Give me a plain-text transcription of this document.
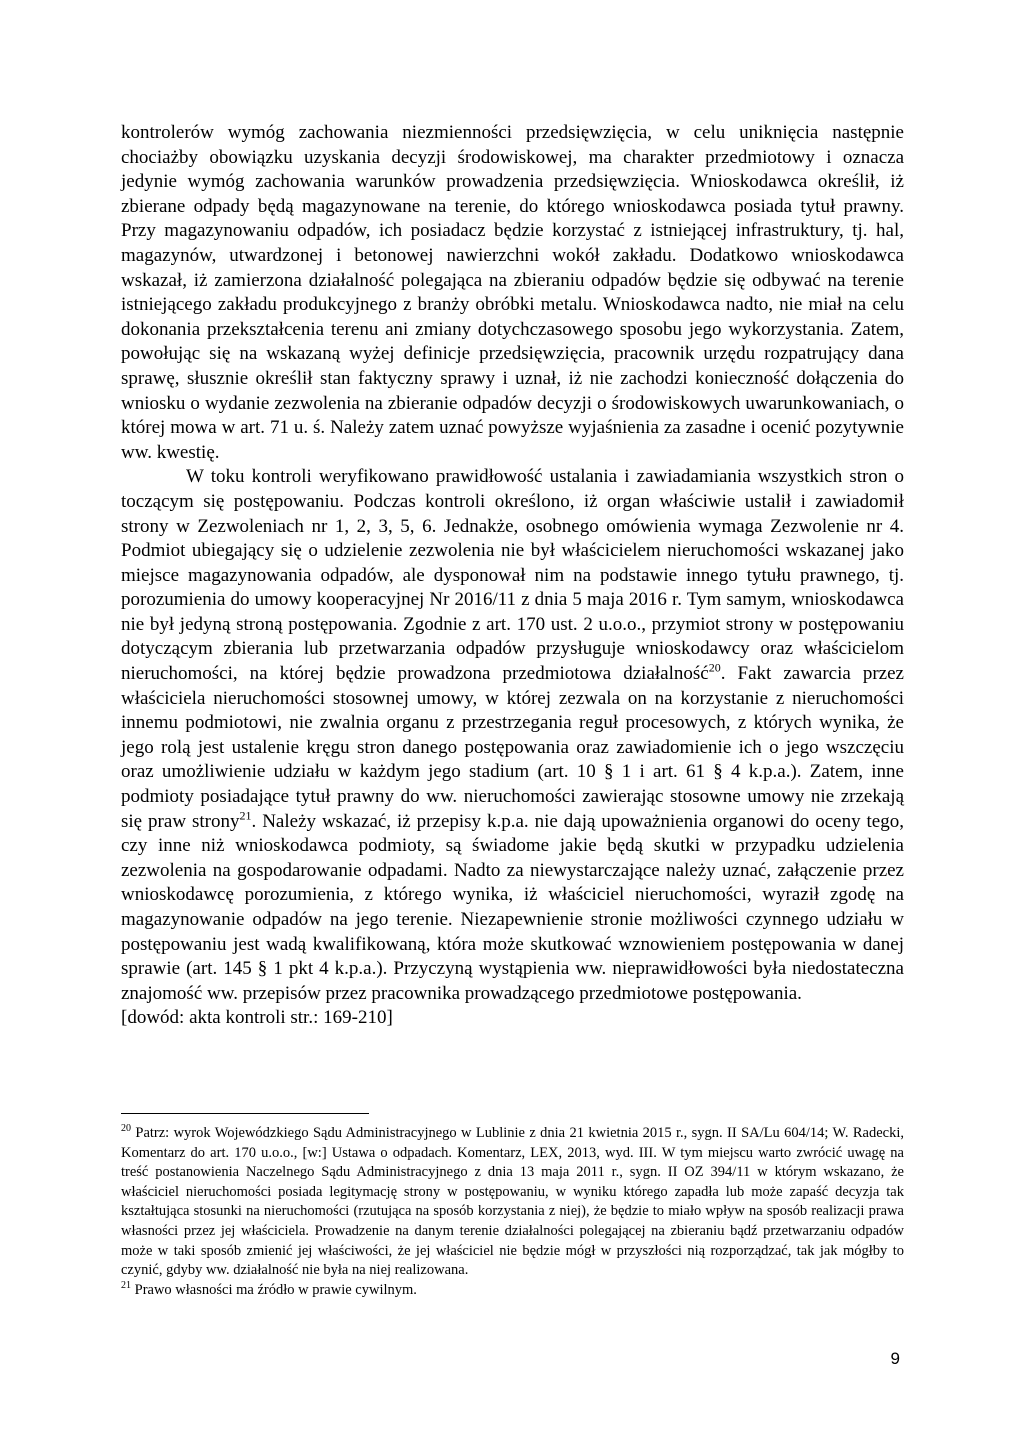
kontrolerów wymóg zachowania niezmienności przedsięwzięcia, w celu uniknięcia następnie chociażby obowiązku uzyskania decyzji środowiskowej, ma charakter przedmiotowy i oznacza jedynie wymóg zachowania warunków prowadzenia przedsięwzięcia. Wnioskodawca określił, iż zbierane odpady będą magazynowane na terenie, do którego wnioskodawca posiada tytuł prawny. Przy magazynowaniu odpadów, ich posiadacz będzie korzystać z istniejącej infrastruktury, tj. hal, magazynów, utwardzonej i betonowej nawierzchni wokół zakładu. Dodatkowo wnioskodawca wskazał, iż zamierzona działalność polegająca na zbieraniu odpadów będzie się odbywać na terenie istniejącego zakładu produkcyjnego z branży obróbki metalu. Wnioskodawca nadto, nie miał na celu dokonania przekształcenia terenu ani zmiany dotychczasowego sposobu jego wykorzystania. Zatem, powołując się na wskazaną wyżej definicje przedsięwzięcia, pracownik urzędu rozpatrujący dana sprawę, słusznie określił stan faktyczny sprawy i uznał, iż nie zachodzi konieczność dołączenia do wniosku o wydanie zezwolenia na zbieranie odpadów decyzji o środowiskowych uwarunkowaniach, o której mowa w art. 71 u. ś. Należy zatem uznać powyższe wyjaśnienia za zasadne i ocenić pozytywnie ww. kwestię.

W toku kontroli weryfikowano prawidłowość ustalania i zawiadamiania wszystkich stron o toczącym się postępowaniu. Podczas kontroli określono, iż organ właściwie ustalił i zawiadomił strony w Zezwoleniach nr 1, 2, 3, 5, 6. Jednakże, osobnego omówienia wymaga Zezwolenie nr 4. Podmiot ubiegający się o udzielenie zezwolenia nie był właścicielem nieruchomości wskazanej jako miejsce magazynowania odpadów, ale dysponował nim na podstawie innego tytułu prawnego, tj. porozumienia do umowy kooperacyjnej Nr 2016/11 z dnia 5 maja 2016 r. Tym samym, wnioskodawca nie był jedyną stroną postępowania. Zgodnie z art. 170 ust. 2 u.o.o., przymiot strony w postępowaniu dotyczącym zbierania lub przetwarzania odpadów przysługuje wnioskodawcy oraz właścicielom nieruchomości, na której będzie prowadzona przedmiotowa działalność$^{20}$. Fakt zawarcia przez właściciela nieruchomości stosownej umowy, w której zezwala on na korzystanie z nieruchomości innemu podmiotowi, nie zwalnia organu z przestrzegania reguł procesowych, z których wynika, że jego rolą jest ustalenie kręgu stron danego postępowania oraz zawiadomienie ich o jego wszczęciu oraz umożliwienie udziału w każdym jego stadium (art. 10 § 1 i art. 61 § 4 k.p.a.). Zatem, inne podmioty posiadające tytuł prawny do ww. nieruchomości zawierając stosowne umowy nie zrzekają się praw strony$^{21}$. Należy wskazać, iż przepisy k.p.a. nie dają upoważnienia organowi do oceny tego, czy inne niż wnioskodawca podmioty, są świadome jakie będą skutki w przypadku udzielenia zezwolenia na gospodarowanie odpadami. Nadto za niewystarczające należy uznać, załączenie przez wnioskodawcę porozumienia, z którego wynika, iż właściciel nieruchomości, wyraził zgodę na magazynowanie odpadów na jego terenie. Niezapewnienie stronie możliwości czynnego udziału w postępowaniu jest wadą kwalifikowaną, która może skutkować wznowieniem postępowania w danej sprawie (art. 145 § 1 pkt 4 k.p.a.). Przyczyną wystąpienia ww. nieprawidłowości była niedostateczna znajomość ww. przepisów przez pracownika prowadzącego przedmiotowe postępowania.

[dowód: akta kontroli str.: 169-210]

$^{20}$ Patrz: wyrok Wojewódzkiego Sądu Administracyjnego w Lublinie z dnia 21 kwietnia 2015 r., sygn. II SA/Lu 604/14; W. Radecki, Komentarz do art. 170 u.o.o., [w:] Ustawa o odpadach. Komentarz, LEX, 2013, wyd. III. W tym miejscu warto zwrócić uwagę na treść postanowienia Naczelnego Sądu Administracyjnego z dnia 13 maja 2011 r., sygn. II OZ 394/11 w którym wskazano, że właściciel nieruchomości posiada legitymację strony w postępowaniu, w wyniku którego zapadła lub może zapaść decyzja tak kształtująca stosunki na nieruchomości (rzutująca na sposób korzystania z niej), że będzie to miało wpływ na sposób realizacji prawa własności przez jej właściciela. Prowadzenie na danym terenie działalności polegającej na zbieraniu bądź przetwarzaniu odpadów może w taki sposób zmienić jej właściwości, że jej właściciel nie będzie mógł w przyszłości nią rozporządzać, tak jak mógłby to czynić, gdyby ww. działalność nie była na niej realizowana.

$^{21}$ Prawo własności ma źródło w prawie cywilnym.

9
